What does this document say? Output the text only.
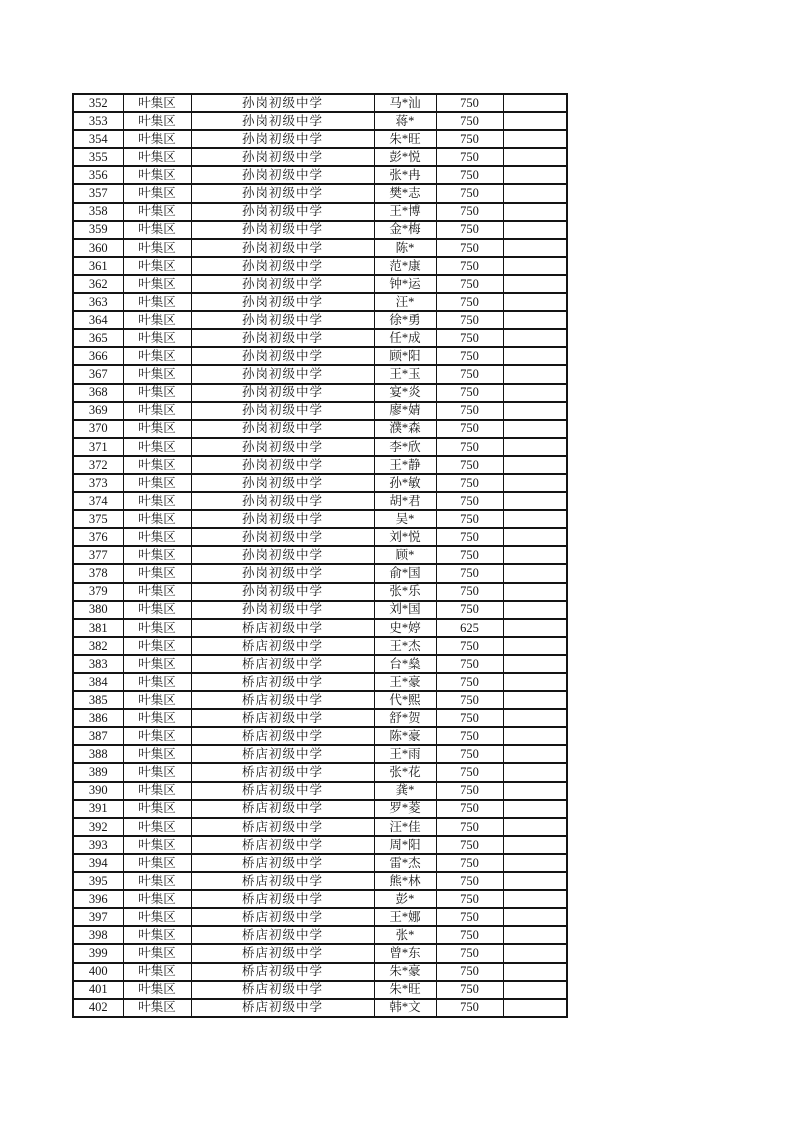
352	叶集区	孙岗初级中学	马*汕	750	
353	叶集区	孙岗初级中学	蒋*	750	
354	叶集区	孙岗初级中学	朱*旺	750	
355	叶集区	孙岗初级中学	彭*悦	750	
356	叶集区	孙岗初级中学	张*冉	750	
357	叶集区	孙岗初级中学	樊*志	750	
358	叶集区	孙岗初级中学	王*博	750	
359	叶集区	孙岗初级中学	金*梅	750	
360	叶集区	孙岗初级中学	陈*	750	
361	叶集区	孙岗初级中学	范*康	750	
362	叶集区	孙岗初级中学	钟*运	750	
363	叶集区	孙岗初级中学	汪*	750	
364	叶集区	孙岗初级中学	徐*勇	750	
365	叶集区	孙岗初级中学	任*成	750	
366	叶集区	孙岗初级中学	顾*阳	750	
367	叶集区	孙岗初级中学	王*玉	750	
368	叶集区	孙岗初级中学	宴*炎	750	
369	叶集区	孙岗初级中学	廖*婧	750	
370	叶集区	孙岗初级中学	濮*森	750	
371	叶集区	孙岗初级中学	李*欣	750	
372	叶集区	孙岗初级中学	王*静	750	
373	叶集区	孙岗初级中学	孙*敏	750	
374	叶集区	孙岗初级中学	胡*君	750	
375	叶集区	孙岗初级中学	吴*	750	
376	叶集区	孙岗初级中学	刘*悦	750	
377	叶集区	孙岗初级中学	顾*	750	
378	叶集区	孙岗初级中学	俞*国	750	
379	叶集区	孙岗初级中学	张*乐	750	
380	叶集区	孙岗初级中学	刘*国	750	
381	叶集区	桥店初级中学	史*婷	625	
382	叶集区	桥店初级中学	王*杰	750	
383	叶集区	桥店初级中学	台*燊	750	
384	叶集区	桥店初级中学	王*豪	750	
385	叶集区	桥店初级中学	代*熙	750	
386	叶集区	桥店初级中学	舒*贺	750	
387	叶集区	桥店初级中学	陈*豪	750	
388	叶集区	桥店初级中学	王*雨	750	
389	叶集区	桥店初级中学	张*花	750	
390	叶集区	桥店初级中学	龚*	750	
391	叶集区	桥店初级中学	罗*菱	750	
392	叶集区	桥店初级中学	汪*佳	750	
393	叶集区	桥店初级中学	周*阳	750	
394	叶集区	桥店初级中学	雷*杰	750	
395	叶集区	桥店初级中学	熊*林	750	
396	叶集区	桥店初级中学	彭*	750	
397	叶集区	桥店初级中学	王*娜	750	
398	叶集区	桥店初级中学	张*	750	
399	叶集区	桥店初级中学	曾*东	750	
400	叶集区	桥店初级中学	朱*豪	750	
401	叶集区	桥店初级中学	朱*旺	750	
402	叶集区	桥店初级中学	韩*文	750	
